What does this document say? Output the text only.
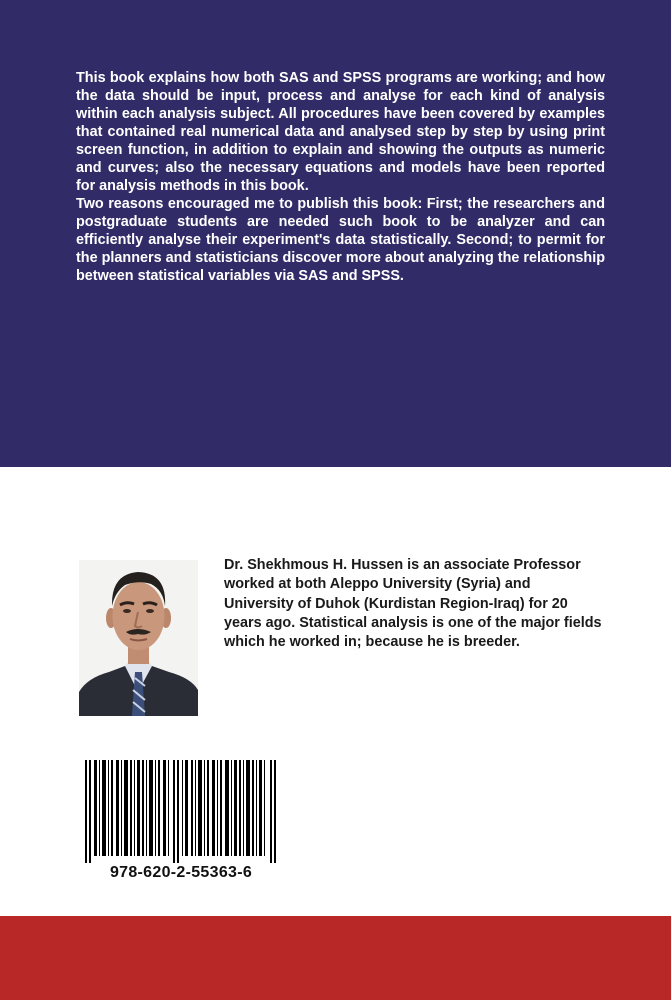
This book explains how both SAS and SPSS programs are working; and how the data should be input, process and analyse for each kind of analysis within each analysis subject. All procedures have been covered by examples that contained real numerical data and analysed step by step by using print screen function, in addition to explain and showing the outputs as numeric and curves; also the necessary equations and models have been reported for analysis methods in this book.

Two reasons encouraged me to publish this book: First; the researchers and postgraduate students are needed such book to be analyzer and can efficiently analyse their experiment's data statistically. Second; to permit for the planners and statisticians discover more about analyzing the relationship between statistical variables via SAS and SPSS.

Dr. Shekhmous H. Hussen is an associate Professor worked at both Aleppo University (Syria) and University of Duhok (Kurdistan Region-Iraq) for 20 years ago. Statistical analysis is one of the major fields which he worked in; because he is breeder.
978-620-2-55363-6
